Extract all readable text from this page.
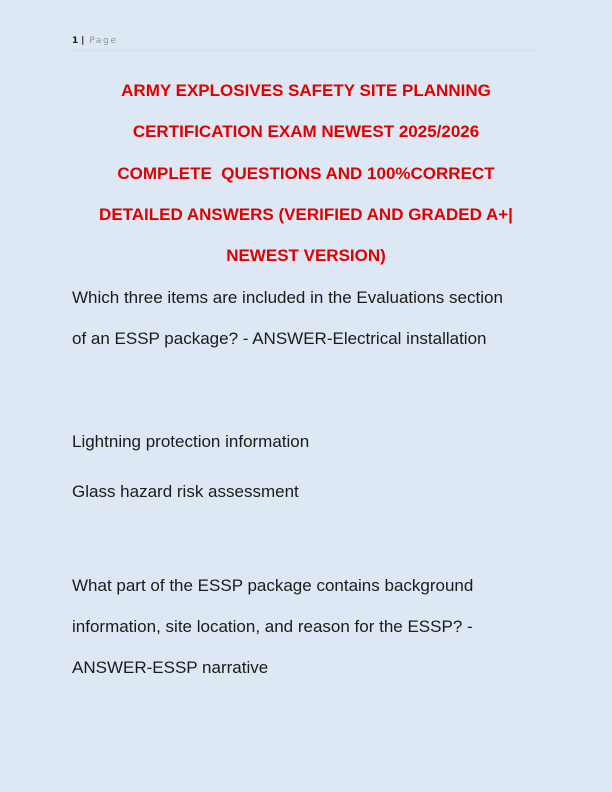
1 | Page
ARMY EXPLOSIVES SAFETY SITE PLANNING
CERTIFICATION EXAM NEWEST 2025/2026
COMPLETE  QUESTIONS AND 100%CORRECT
DETAILED ANSWERS (VERIFIED AND GRADED A+|
NEWEST VERSION)
Which three items are included in the Evaluations section
of an ESSP package? - ANSWER-Electrical installation
Lightning protection information
Glass hazard risk assessment
What part of the ESSP package contains background
information, site location, and reason for the ESSP? -
ANSWER-ESSP narrative
